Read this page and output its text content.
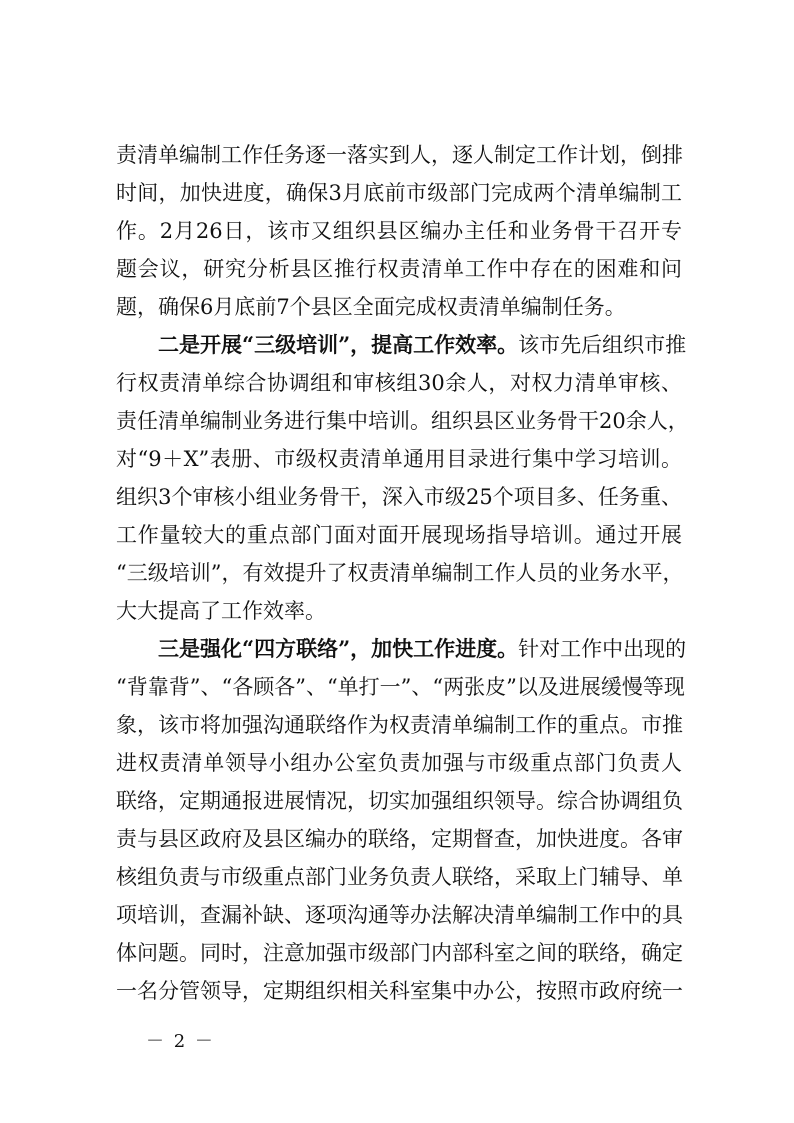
责清单编制工作任务逐一落实到人，逐人制定工作计划，倒排
时间，加快进度，确保3月底前市级部门完成两个清单编制工
作。2月26日，该市又组织县区编办主任和业务骨干召开专
题会议，研究分析县区推行权责清单工作中存在的困难和问
题，确保6月底前7个县区全面完成权责清单编制任务。
二是开展“三级培训”，提高工作效率。该市先后组织市推
行权责清单综合协调组和审核组30余人，对权力清单审核、
责任清单编制业务进行集中培训。组织县区业务骨干20余人，
对“9＋X”表册、市级权责清单通用目录进行集中学习培训。
组织3个审核小组业务骨干，深入市级25个项目多、任务重、
工作量较大的重点部门面对面开展现场指导培训。通过开展
“三级培训”，有效提升了权责清单编制工作人员的业务水平，
大大提高了工作效率。
三是强化“四方联络”，加快工作进度。针对工作中出现的
“背靠背”、“各顾各”、“单打一”、“两张皮”以及进展缓慢等现
象，该市将加强沟通联络作为权责清单编制工作的重点。市推
进权责清单领导小组办公室负责加强与市级重点部门负责人
联络，定期通报进展情况，切实加强组织领导。综合协调组负
责与县区政府及县区编办的联络，定期督查，加快进度。各审
核组负责与市级重点部门业务负责人联络，采取上门辅导、单
项培训，查漏补缺、逐项沟通等办法解决清单编制工作中的具
体问题。同时，注意加强市级部门内部科室之间的联络，确定
一名分管领导，定期组织相关科室集中办公，按照市政府统一
－ 2 －
